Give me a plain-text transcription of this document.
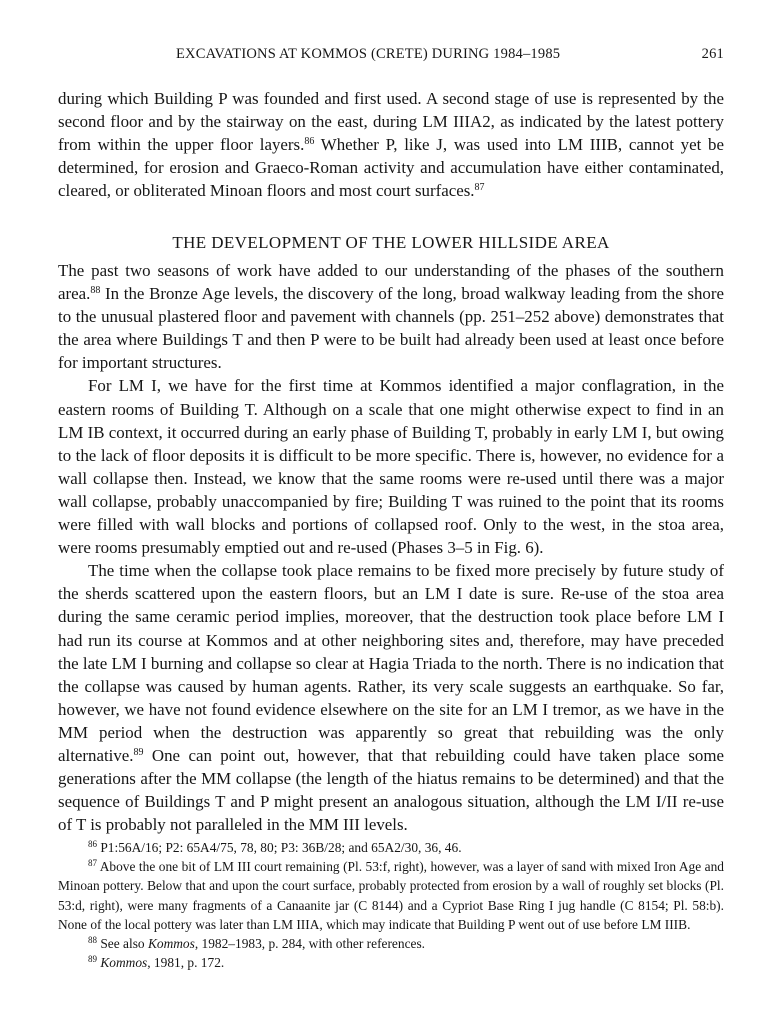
EXCAVATIONS AT KOMMOS (CRETE) DURING 1984–1985	261

during which Building P was founded and first used. A second stage of use is represented by the second floor and by the stairway on the east, during LM IIIA2, as indicated by the latest pottery from within the upper floor layers.$^{86}$ Whether P, like J, was used into LM IIIB, cannot yet be determined, for erosion and Graeco-Roman activity and accumulation have either contaminated, cleared, or obliterated Minoan floors and most court surfaces.$^{87}$

THE DEVELOPMENT OF THE LOWER HILLSIDE AREA

The past two seasons of work have added to our understanding of the phases of the southern area.$^{88}$ In the Bronze Age levels, the discovery of the long, broad walkway leading from the shore to the unusual plastered floor and pavement with channels (pp. 251–252 above) demonstrates that the area where Buildings T and then P were to be built had already been used at least once before for important structures.

For LM I, we have for the first time at Kommos identified a major conflagration, in the eastern rooms of Building T. Although on a scale that one might otherwise expect to find in an LM IB context, it occurred during an early phase of Building T, probably in early LM I, but owing to the lack of floor deposits it is difficult to be more specific. There is, however, no evidence for a wall collapse then. Instead, we know that the same rooms were re-used until there was a major wall collapse, probably unaccompanied by fire; Building T was ruined to the point that its rooms were filled with wall blocks and portions of collapsed roof. Only to the west, in the stoa area, were rooms presumably emptied out and re-used (Phases 3–5 in Fig. 6).

The time when the collapse took place remains to be fixed more precisely by future study of the sherds scattered upon the eastern floors, but an LM I date is sure. Re-use of the stoa area during the same ceramic period implies, moreover, that the destruction took place before LM I had run its course at Kommos and at other neighboring sites and, therefore, may have preceded the late LM I burning and collapse so clear at Hagia Triada to the north. There is no indication that the collapse was caused by human agents. Rather, its very scale suggests an earthquake. So far, however, we have not found evidence elsewhere on the site for an LM I tremor, as we have in the MM period when the destruction was apparently so great that rebuilding was the only alternative.$^{89}$ One can point out, however, that that rebuilding could have taken place some generations after the MM collapse (the length of the hiatus remains to be determined) and that the sequence of Buildings T and P might present an analogous situation, although the LM I/II re-use of T is probably not paralleled in the MM III levels.

$^{86}$ P1:56A/16; P2: 65A4/75, 78, 80; P3: 36B/28; and 65A2/30, 36, 46.

$^{87}$ Above the one bit of LM III court remaining (Pl. 53:f, right), however, was a layer of sand with mixed Iron Age and Minoan pottery. Below that and upon the court surface, probably protected from erosion by a wall of roughly set blocks (Pl. 53:d, right), were many fragments of a Canaanite jar (C 8144) and a Cypriot Base Ring I jug handle (C 8154; Pl. 58:b). None of the local pottery was later than LM IIIA, which may indicate that Building P went out of use before LM IIIB.

$^{88}$ See also Kommos, 1982–1983, p. 284, with other references.

$^{89}$ Kommos, 1981, p. 172.
